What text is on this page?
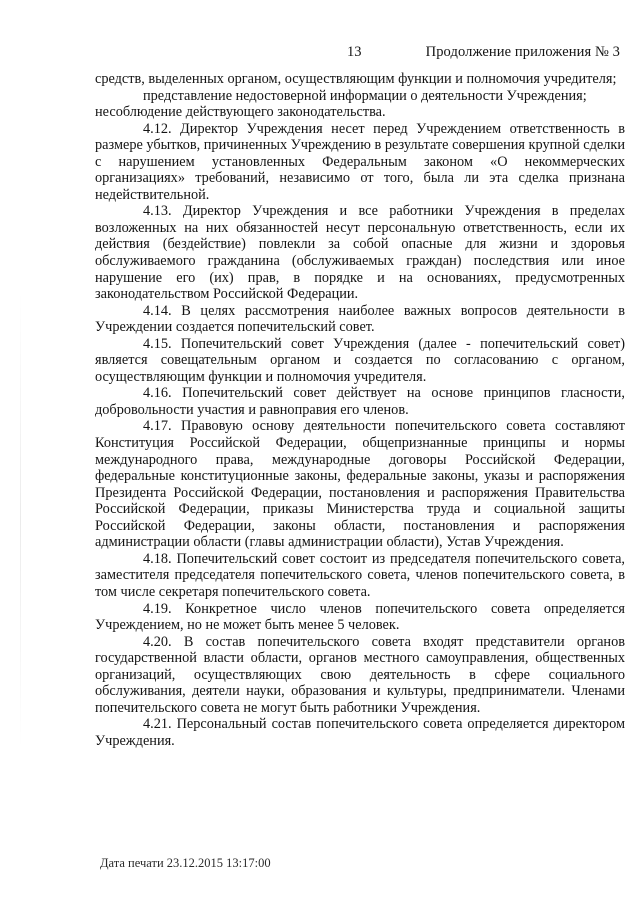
13	Продолжение приложения № 3

средств, выделенных органом, осуществляющим функции и полномочия учредителя;

представление недостоверной информации о деятельности Учреждения;

несоблюдение действующего законодательства.

4.12. Директор Учреждения несет перед Учреждением ответственность в размере убытков, причиненных Учреждению в результате совершения крупной сделки с нарушением установленных Федеральным законом «О некоммерческих организациях» требований, независимо от того, была ли эта сделка признана недействительной.

4.13. Директор Учреждения и все работники Учреждения в пределах возложенных на них обязанностей несут персональную ответственность, если их действия (бездействие) повлекли за собой опасные для жизни и здоровья обслуживаемого гражданина (обслуживаемых граждан) последствия или иное нарушение его (их) прав, в порядке и на основаниях, предусмотренных законодательством Российской Федерации.

4.14. В целях рассмотрения наиболее важных вопросов деятельности в Учреждении создается попечительский совет.

4.15. Попечительский совет Учреждения (далее - попечительский совет) является совещательным органом и создается по согласованию с органом, осуществляющим функции и полномочия учредителя.

4.16. Попечительский совет действует на основе принципов гласности, добровольности участия и равноправия его членов.

4.17. Правовую основу деятельности попечительского совета составляют Конституция Российской Федерации, общепризнанные принципы и нормы международного права, международные договоры Российской Федерации, федеральные конституционные законы, федеральные законы, указы и распоряжения Президента Российской Федерации, постановления и распоряжения Правительства Российской Федерации, приказы Министерства труда и социальной защиты Российской Федерации, законы области, постановления и распоряжения администрации области (главы администрации области), Устав Учреждения.

4.18. Попечительский совет состоит из председателя попечительского совета, заместителя председателя попечительского совета, членов попечительского совета, в том числе секретаря попечительского совета.

4.19. Конкретное число членов попечительского совета определяется Учреждением, но не может быть менее 5 человек.

4.20. В состав попечительского совета входят представители органов государственной власти области, органов местного самоуправления, общественных организаций, осуществляющих свою деятельность в сфере социального обслуживания, деятели науки, образования и культуры, предприниматели. Членами попечительского совета не могут быть работники Учреждения.

4.21. Персональный состав попечительского совета определяется директором Учреждения.

Дата печати 23.12.2015 13:17:00
